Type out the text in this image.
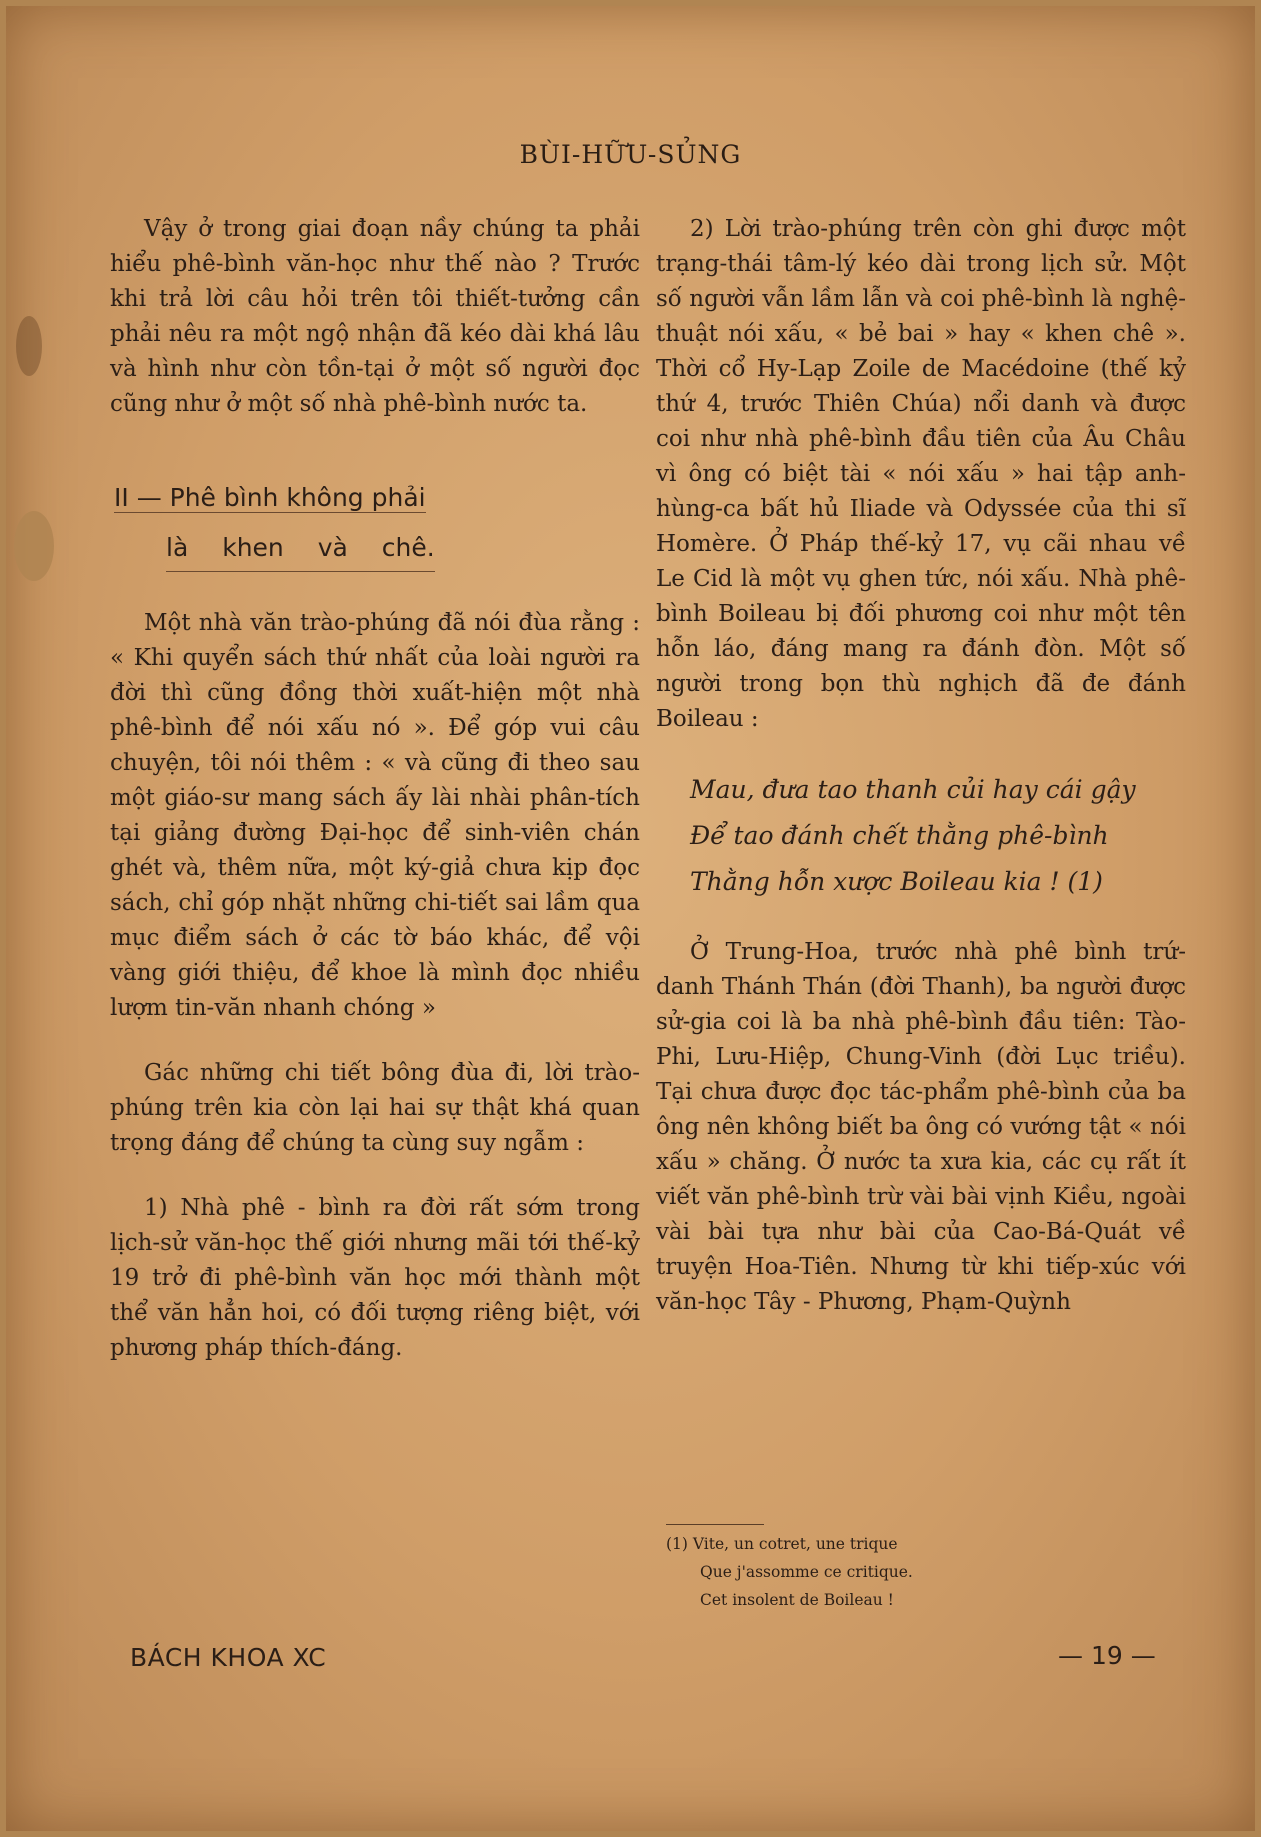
BÙI-HỮU-SỦNG

Vậy ở trong giai đoạn nầy chúng ta phải hiểu phê-bình văn-học như thế nào ? Trước khi trả lời câu hỏi trên tôi thiết-tưởng cần phải nêu ra một ngộ nhận đã kéo dài khá lâu và hình như còn tồn-tại ở một số người đọc cũng như ở một số nhà phê-bình nước ta.

II — Phê bình không phải
là khen và chê.

Một nhà văn trào-phúng đã nói đùa rằng : « Khi quyển sách thứ nhất của loài người ra đời thì cũng đồng thời xuất-hiện một nhà phê-bình để nói xấu nó ». Để góp vui câu chuyện, tôi nói thêm : « và cũng đi theo sau một giáo-sư mang sách ấy lài nhài phân-tích tại giảng đường Đại-học để sinh-viên chán ghét và, thêm nữa, một ký-giả chưa kịp đọc sách, chỉ góp nhặt những chi-tiết sai lầm qua mục điểm sách ở các tờ báo khác, để vội vàng giới thiệu, để khoe là mình đọc nhiều lượm tin-văn nhanh chóng »

Gác những chi tiết bông đùa đi, lời trào-phúng trên kia còn lại hai sự thật khá quan trọng đáng để chúng ta cùng suy ngẫm :

1) Nhà phê - bình ra đời rất sớm trong lịch-sử văn-học thế giới nhưng mãi tới thế-kỷ 19 trở đi phê-bình văn học mới thành một thể văn hẳn hoi, có đối tượng riêng biệt, với phương pháp thích-đáng.

2) Lời trào-phúng trên còn ghi được một trạng-thái tâm-lý kéo dài trong lịch sử. Một số người vẫn lầm lẫn và coi phê-bình là nghệ-thuật nói xấu, « bẻ bai » hay « khen chê ». Thời cổ Hy-Lạp Zoile de Macédoine (thế kỷ thứ 4, trước Thiên Chúa) nổi danh và được coi như nhà phê-bình đầu tiên của Âu Châu vì ông có biệt tài « nói xấu » hai tập anh-hùng-ca bất hủ Iliade và Odyssée của thi sĩ Homère. Ở Pháp thế-kỷ 17, vụ cãi nhau về Le Cid là một vụ ghen tức, nói xấu. Nhà phê-bình Boileau bị đối phương coi như một tên hỗn láo, đáng mang ra đánh đòn. Một số người trong bọn thù nghịch đã đe đánh Boileau :

Mau, đưa tao thanh củi hay cái gậy
Để tao đánh chết thằng phê-bình
Thằng hỗn xược Boileau kia ! (1)

Ở Trung-Hoa, trước nhà phê bình trứ-danh Thánh Thán (đời Thanh), ba người được sử-gia coi là ba nhà phê-bình đầu tiên: Tào-Phi, Lưu-Hiệp, Chung-Vinh (đời Lục triều). Tại chưa được đọc tác-phẩm phê-bình của ba ông nên không biết ba ông có vướng tật « nói xấu » chăng. Ở nước ta xưa kia, các cụ rất ít viết văn phê-bình trừ vài bài vịnh Kiều, ngoài vài bài tựa như bài của Cao-Bá-Quát về truyện Hoa-Tiên. Nhưng từ khi tiếp-xúc với văn-học Tây - Phương, Phạm-Quỳnh

(1) Vite, un cotret, une trique
Que j'assomme ce critique.
Cet insolent de Boileau !
BÁCH KHOA XC	— 19 —
